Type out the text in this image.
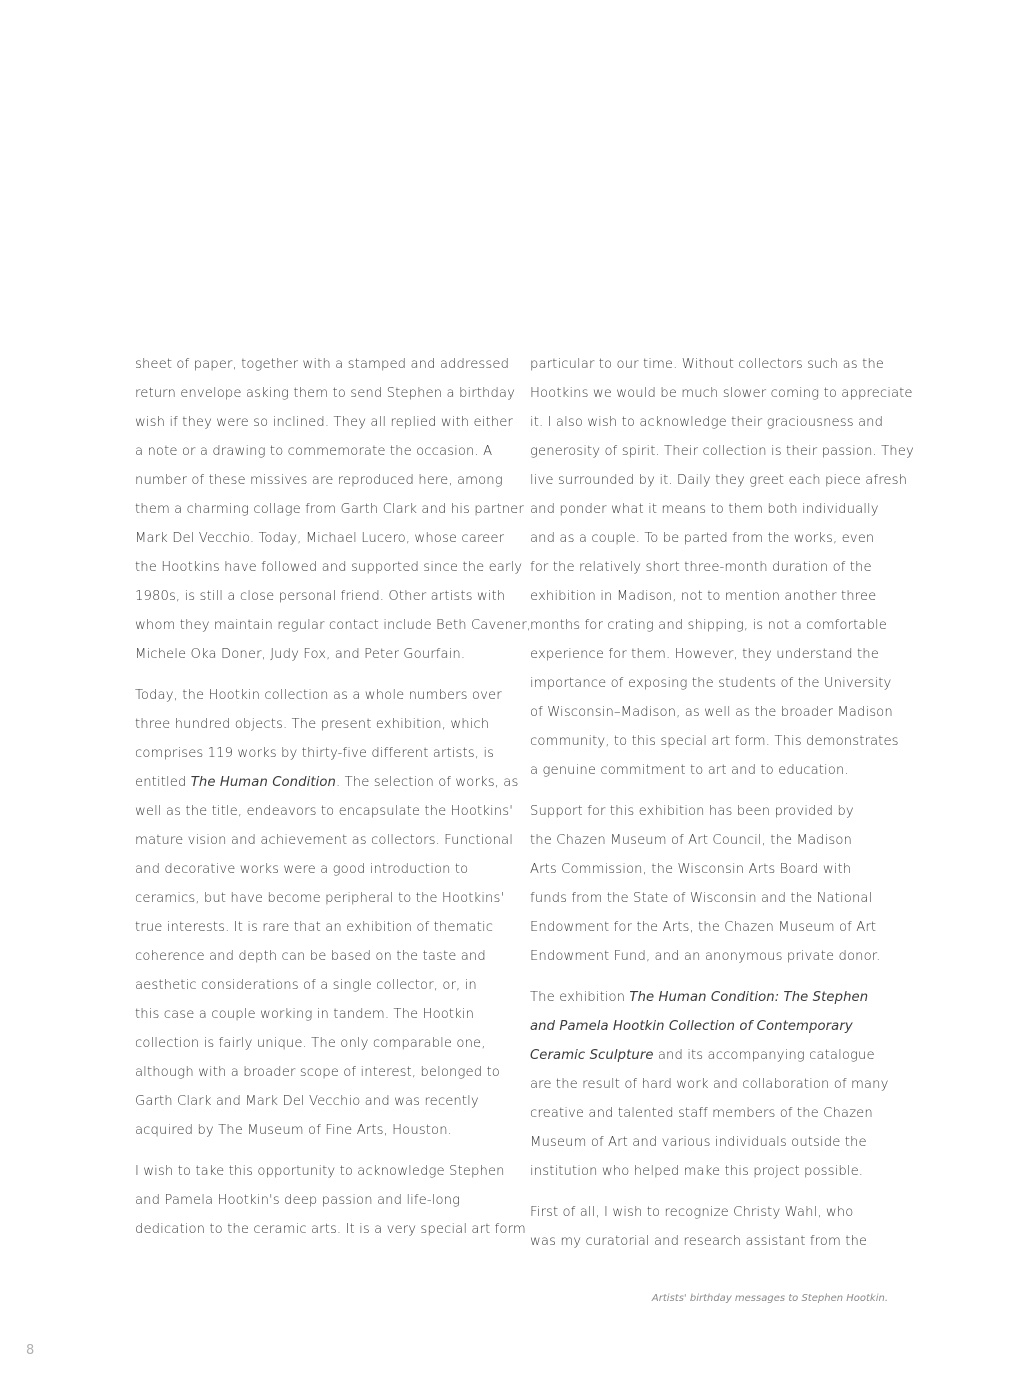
sheet of paper, together with a stamped and addressed
return envelope asking them to send Stephen a birthday
wish if they were so inclined. They all replied with either
a note or a drawing to commemorate the occasion. A
number of these missives are reproduced here, among
them a charming collage from Garth Clark and his partner
Mark Del Vecchio. Today, Michael Lucero, whose career
the Hootkins have followed and supported since the early
1980s, is still a close personal friend. Other artists with
whom they maintain regular contact include Beth Cavener,
Michele Oka Doner, Judy Fox, and Peter Gourfain.

Today, the Hootkin collection as a whole numbers over
three hundred objects. The present exhibition, which
comprises 119 works by thirty-five different artists, is
entitled The Human Condition. The selection of works, as
well as the title, endeavors to encapsulate the Hootkins'
mature vision and achievement as collectors. Functional
and decorative works were a good introduction to
ceramics, but have become peripheral to the Hootkins'
true interests. It is rare that an exhibition of thematic
coherence and depth can be based on the taste and
aesthetic considerations of a single collector, or, in
this case a couple working in tandem. The Hootkin
collection is fairly unique. The only comparable one,
although with a broader scope of interest, belonged to
Garth Clark and Mark Del Vecchio and was recently
acquired by The Museum of Fine Arts, Houston.

I wish to take this opportunity to acknowledge Stephen
and Pamela Hootkin's deep passion and life-long
dedication to the ceramic arts. It is a very special art form

particular to our time. Without collectors such as the
Hootkins we would be much slower coming to appreciate
it. I also wish to acknowledge their graciousness and
generosity of spirit. Their collection is their passion. They
live surrounded by it. Daily they greet each piece afresh
and ponder what it means to them both individually
and as a couple. To be parted from the works, even
for the relatively short three-month duration of the
exhibition in Madison, not to mention another three
months for crating and shipping, is not a comfortable
experience for them. However, they understand the
importance of exposing the students of the University
of Wisconsin–Madison, as well as the broader Madison
community, to this special art form. This demonstrates
a genuine commitment to art and to education.

Support for this exhibition has been provided by
the Chazen Museum of Art Council, the Madison
Arts Commission, the Wisconsin Arts Board with
funds from the State of Wisconsin and the National
Endowment for the Arts, the Chazen Museum of Art
Endowment Fund, and an anonymous private donor.

The exhibition The Human Condition: The Stephen
and Pamela Hootkin Collection of Contemporary
Ceramic Sculpture and its accompanying catalogue
are the result of hard work and collaboration of many
creative and talented staff members of the Chazen
Museum of Art and various individuals outside the
institution who helped make this project possible.

First of all, I wish to recognize Christy Wahl, who
was my curatorial and research assistant from the

Artists' birthday messages to Stephen Hootkin.
8
